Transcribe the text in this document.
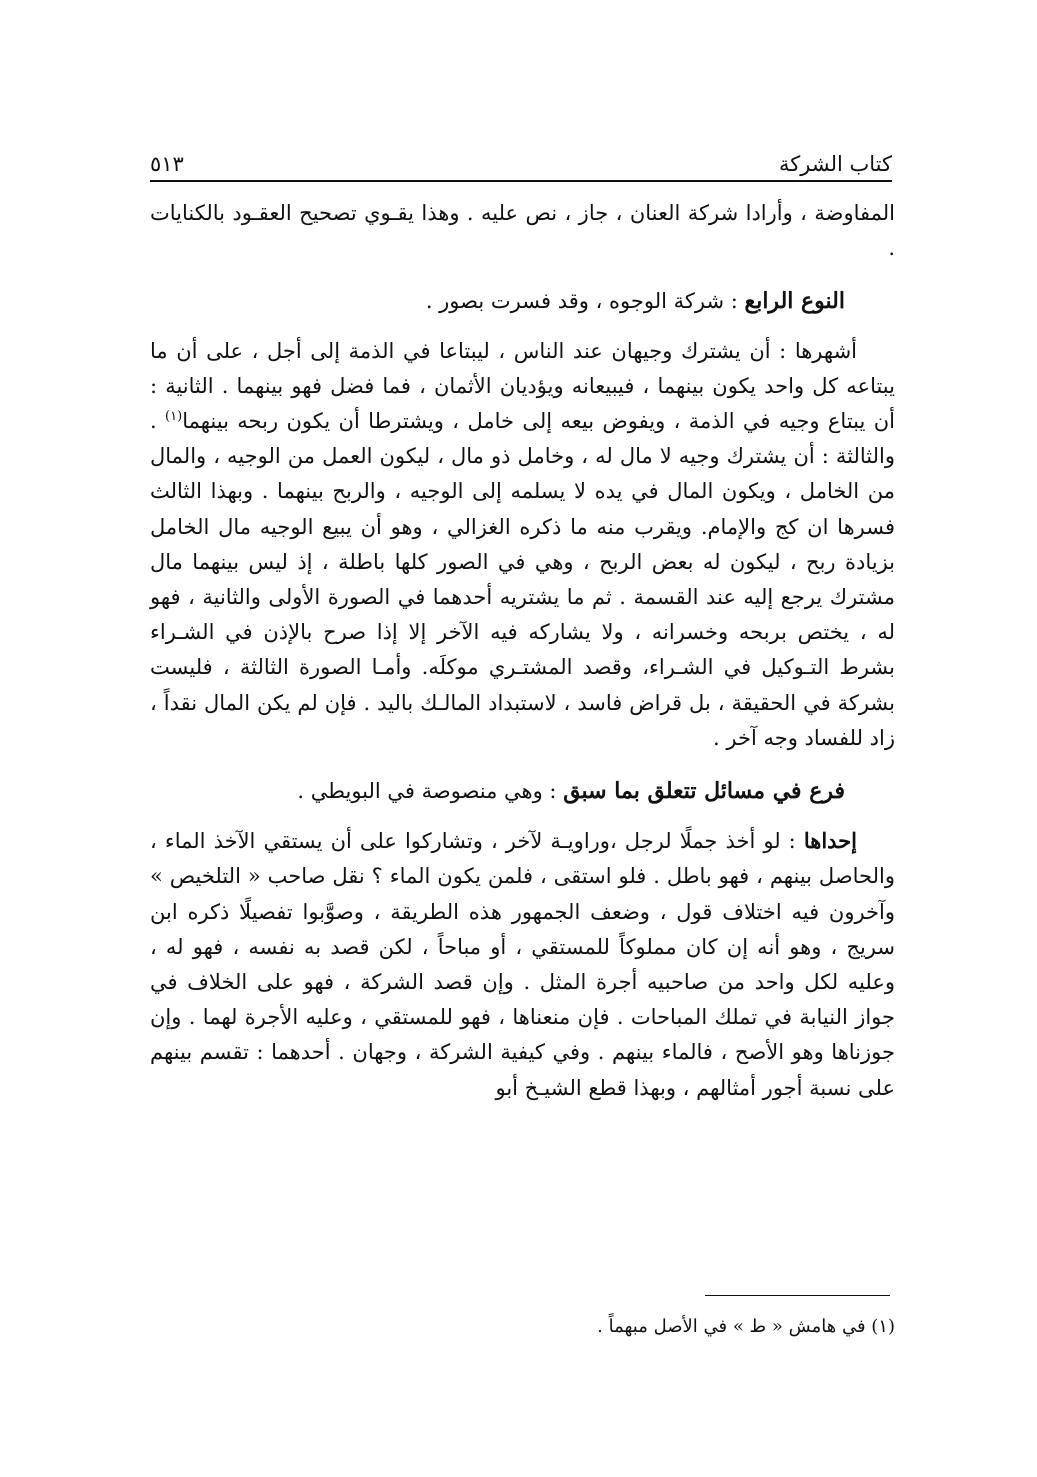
كتاب الشركة
٥١٣

المفاوضة ، وأرادا شركة العنان ، جاز ، نص عليه . وهذا يقـوي تصحيح العقـود بالكنايات .

النوع الرابع : شركة الوجوه ، وقد فسرت بصور .

أشهرها : أن يشترك وجيهان عند الناس ، ليبتاعا في الذمة إلى أجل ، على أن ما يبتاعه كل واحد يكون بينهما ، فيبيعانه ويؤديان الأثمان ، فما فضل فهو بينهما . الثانية : أن يبتاع وجيه في الذمة ، ويفوض بيعه إلى خامل ، ويشترطا أن يكون ربحه بينهما$^{(١)}$ . والثالثة : أن يشترك وجيه لا مال له ، وخامل ذو مال ، ليكون العمل من الوجيه ، والمال من الخامل ، ويكون المال في يده لا يسلمه إلى الوجيه ، والربح بينهما . وبهذا الثالث فسرها ان كج والإمام. ويقرب منه ما ذكره الغزالي ، وهو أن يبيع الوجيه مال الخامل بزيادة ربح ، ليكون له بعض الربح ، وهي في الصور كلها باطلة ، إذ ليس بينهما مال مشترك يرجع إليه عند القسمة . ثم ما يشتريه أحدهما في الصورة الأولى والثانية ، فهو له ، يختص بربحه وخسرانه ، ولا يشاركه فيه الآخر إلا إذا صرح بالإذن في الشـراء بشرط التـوكيل في الشـراء، وقصد المشتـري موكلَه. وأمـا الصورة الثالثة ، فليست بشركة في الحقيقة ، بل قراض فاسد ، لاستبداد المالـك باليد . فإن لم يكن المال نقداً ، زاد للفساد وجه آخر .

فرع في مسائل تتعلق بما سبق : وهي منصوصة في البويطي .

إحداها : لو أخذ جملًا لرجل ،وراويـة لآخر ، وتشاركوا على أن يستقي الآخذ الماء ، والحاصل بينهم ، فهو باطل . فلو استقى ، فلمن يكون الماء ؟ نقل صاحب « التلخيص » وآخرون فيه اختلاف قول ، وضعف الجمهور هذه الطريقة ، وصوَّبوا تفصيلًا ذكره ابن سريج ، وهو أنه إن كان مملوكاً للمستقي ، أو مباحاً ، لكن قصد به نفسه ، فهو له ، وعليه لكل واحد من صاحبيه أجرة المثل . وإن قصد الشركة ، فهو على الخلاف في جواز النيابة في تملك المباحات . فإن منعناها ، فهو للمستقي ، وعليه الأجرة لهما . وإن جوزناها وهو الأصح ، فالماء بينهم . وفي كيفية الشركة ، وجهان . أحدهما : تقسم بينهم على نسبة أجور أمثالهم ، وبهذا قطع الشيـخ أبو

(١) في هامش « ط » في الأصل مبهماً .
